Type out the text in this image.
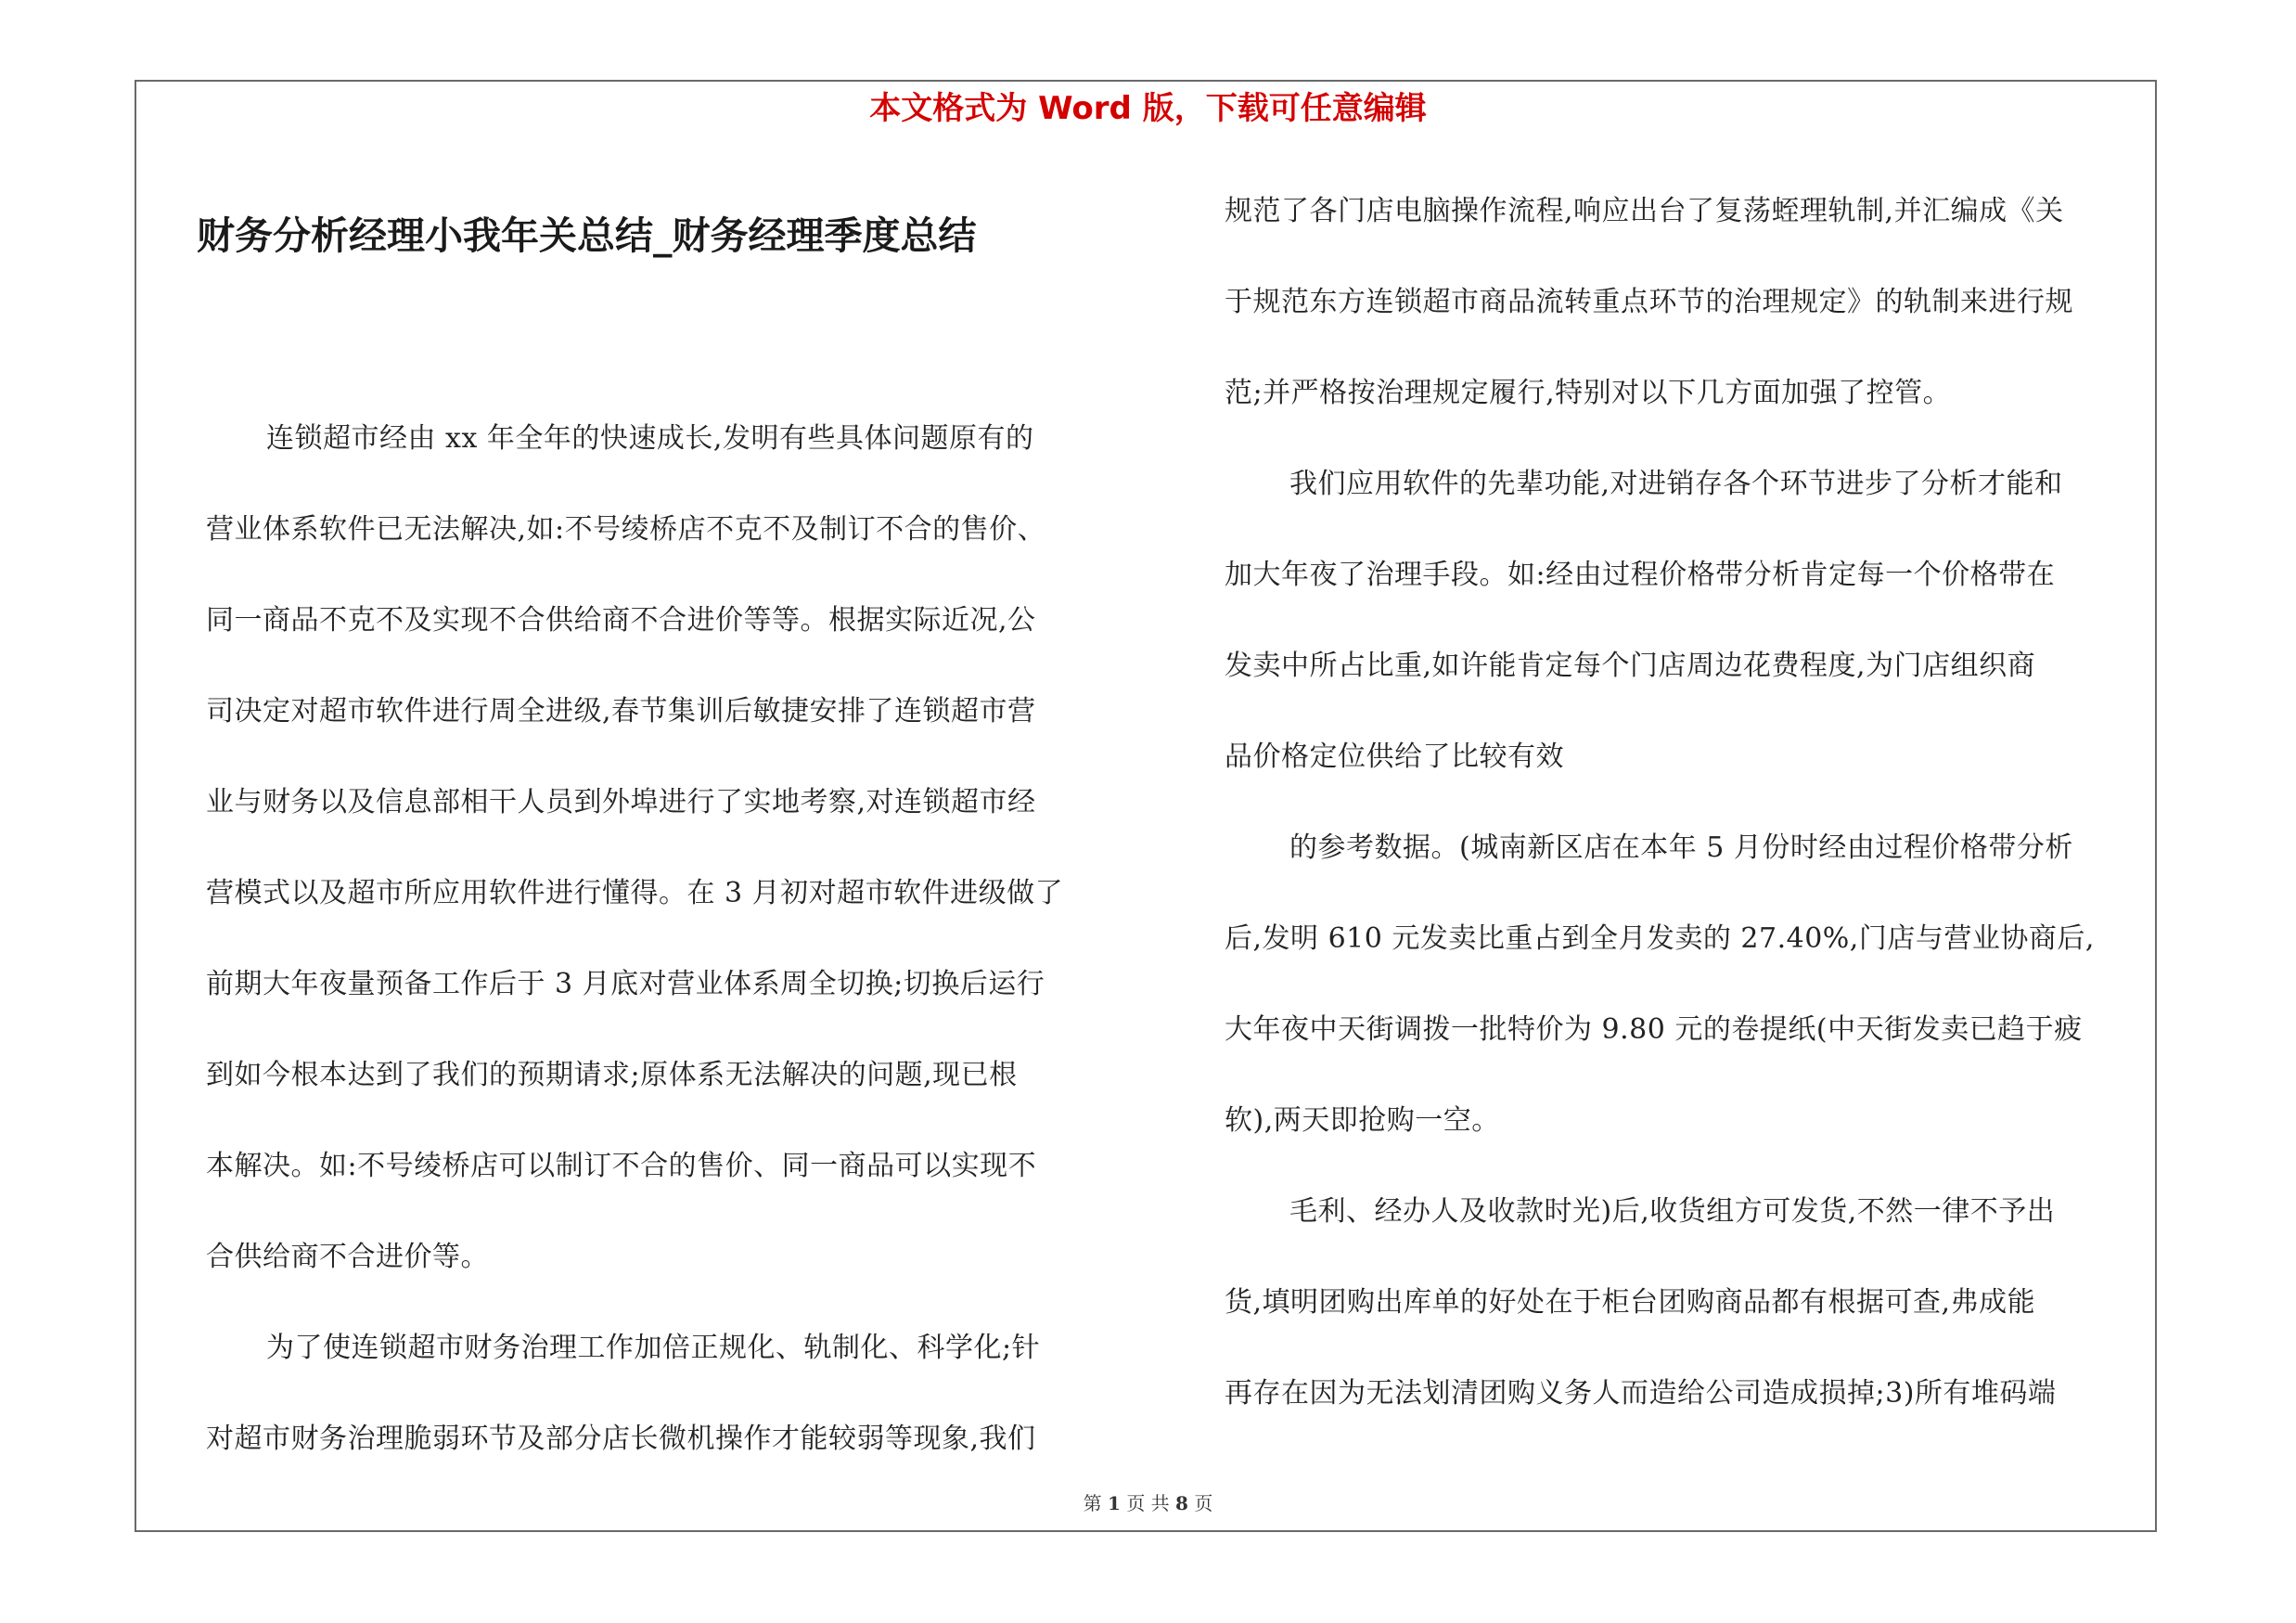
本文格式为 Word 版，下载可任意编辑
财务分析经理小我年关总结_财务经理季度总结
连锁超市经由 xx 年全年的快速成长,发明有些具体问题原有的
营业体系软件已无法解决,如:不号绫桥店不克不及制订不合的售价、
同一商品不克不及实现不合供给商不合进价等等。根据实际近况,公
司决定对超市软件进行周全进级,春节集训后敏捷安排了连锁超市营
业与财务以及信息部相干人员到外埠进行了实地考察,对连锁超市经
营模式以及超市所应用软件进行懂得。在 3 月初对超市软件进级做了
前期大年夜量预备工作后于 3 月底对营业体系周全切换;切换后运行
到如今根本达到了我们的预期请求;原体系无法解决的问题,现已根
本解决。如:不号绫桥店可以制订不合的售价、同一商品可以实现不
合供给商不合进价等。
为了使连锁超市财务治理工作加倍正规化、轨制化、科学化;针
对超市财务治理脆弱环节及部分店长微机操作才能较弱等现象,我们
规范了各门店电脑操作流程,响应出台了复荡蛭理轨制,并汇编成《关
于规范东方连锁超市商品流转重点环节的治理规定》的轨制来进行规
范;并严格按治理规定履行,特别对以下几方面加强了控管。
我们应用软件的先辈功能,对进销存各个环节进步了分析才能和
加大年夜了治理手段。如:经由过程价格带分析肯定每一个价格带在
发卖中所占比重,如许能肯定每个门店周边花费程度,为门店组织商
品价格定位供给了比较有效
的参考数据。(城南新区店在本年 5 月份时经由过程价格带分析
后,发明 610 元发卖比重占到全月发卖的 27.40%,门店与营业协商后,
大年夜中天街调拨一批特价为 9.80 元的卷提纸(中天街发卖已趋于疲
软),两天即抢购一空。
毛利、经办人及收款时光)后,收货组方可发货,不然一律不予出
货,填明团购出库单的好处在于柜台团购商品都有根据可查,弗成能
再存在因为无法划清团购义务人而造给公司造成损掉;3)所有堆码端
第 1 页 共 8 页
